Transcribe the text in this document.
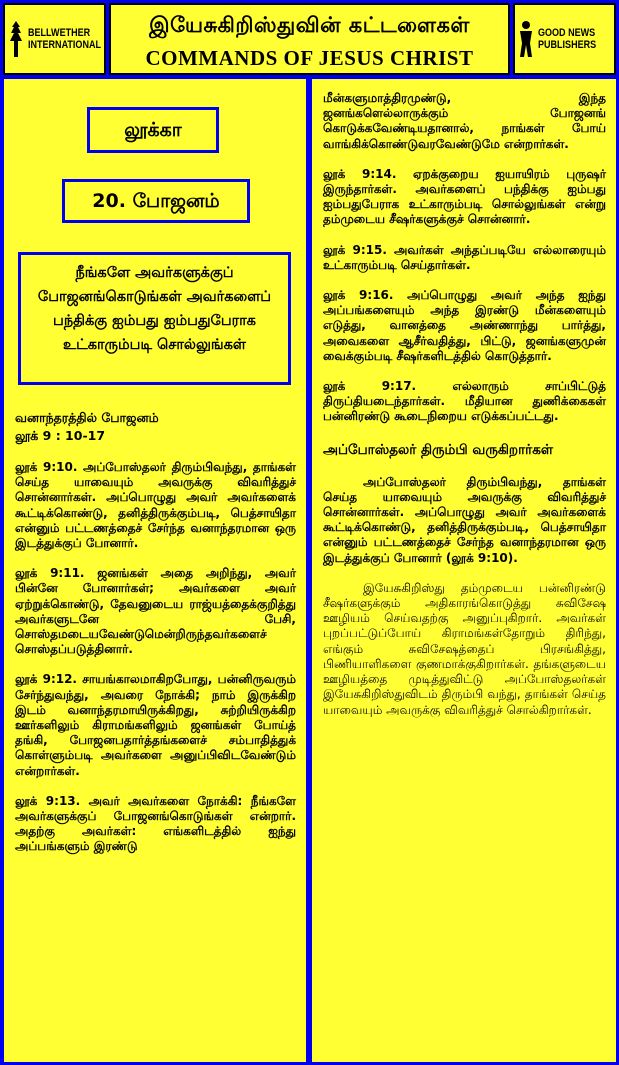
BELLWETHER INTERNATIONAL
இயேசுகிறிஸ்துவின் கட்டளைகள்
COMMANDS OF JESUS CHRIST
GOOD NEWS PUBLISHERS
லூக்கா
20. போஜனம்
நீங்களே அவர்களுக்குப் போஜனங்கொடுங்கள் அவர்களைப் பந்திக்கு ஐம்பது ஐம்பதுபேராக உட்காரும்படி சொல்லுங்கள்
வனாந்தரத்தில் போஜனம்
லூக் 9 : 10-17
லூக் 9:10. அப்போஸ்தலர் திரும்பிவந்து, தாங்கள் செய்த யாவையும் அவருக்கு விவரித்துச் சொன்னார்கள். அப்பொழுது அவர் அவர்களைக் கூட்டிக்கொண்டு, தனித்திருக்கும்படி, பெத்சாயிதா என்னும் பட்டணத்தைச் சேர்ந்த வனாந்தரமான ஒரு இடத்துக்குப் போனார்.
லூக் 9:11. ஜனங்கள் அதை அறிந்து, அவர் பின்னே போனார்கள்; அவர்களை அவர் ஏற்றுக்கொண்டு, தேவனுடைய ராஜ்யத்தைக்குறித்து அவர்களுடனே பேசி, சொஸ்தமடையவேண்டுமென்றிருந்தவர்களைச் சொஸ்தப்படுத்தினார்.
லூக் 9:12. சாயங்காலமாகிறபோது, பன்னிருவரும் சேர்ந்துவந்து, அவரை நோக்கி; நாம் இருக்கிற இடம் வனாந்தரமாயிருக்கிறது, சுற்றியிருக்கிற ஊர்களிலும் கிராமங்களிலும் ஜனங்கள் போய்த் தங்கி, போஜனபதார்த்தங்களைச் சம்பாதித்துக் கொள்ளும்படி அவர்களை அனுப்பிவிடவேண்டும் என்றார்கள்.
லூக் 9:13. அவர் அவர்களை நோக்கி: நீங்களே அவர்களுக்குப் போஜனங்கொடுங்கள் என்றார். அதற்கு அவர்கள்: எங்களிடத்தில் ஐந்து அப்பங்களும் இரண்டு
மீன்களுமாத்திரமுண்டு, இந்த ஜனங்களெல்லாருக்கும் போஜனங் கொடுக்கவேண்டியதானால், நாங்கள் போய் வாங்கிக்கொண்டுவரவேண்டுமே என்றார்கள்.
லூக் 9:14. ஏறக்குறைய ஐயாயிரம் புருஷர் இருந்தார்கள். அவர்களைப் பந்திக்கு ஐம்பது ஐம்பதுபேராக உட்காரும்படி சொல்லுங்கள் என்று தம்முடைய சீஷர்களுக்குச் சொன்னார்.
லூக் 9:15. அவர்கள் அந்தப்படியே எல்லாரையும் உட்காரும்படி செய்தார்கள்.
லூக் 9:16. அப்பொழுது அவர் அந்த ஐந்து அப்பங்களையும் அந்த இரண்டு மீன்களையும் எடுத்து, வானத்தை அண்ணாந்து பார்த்து, அவைகளை ஆசீர்வதித்து, பிட்டு, ஜனங்களுமுன் வைக்கும்படி சீஷர்களிடத்தில் கொடுத்தார்.
லூக் 9:17. எல்லாரும் சாப்பிட்டுத் திருப்தியடைந்தார்கள். மீதியான துணிக்கைகள் பன்னிரண்டு கூடைநிறைய எடுக்கப்பட்டது.
அப்போஸ்தலர் திரும்பி வருகிறார்கள்
அப்போஸ்தலர் திரும்பிவந்து, தாங்கள் செய்த யாவையும் அவருக்கு விவரித்துச் சொன்னார்கள். அப்பொழுது அவர் அவர்களைக் கூட்டிக்கொண்டு, தனித்திருக்கும்படி, பெத்சாயிதா என்னும் பட்டணத்தைச் சேர்ந்த வனாந்தரமான ஒரு இடத்துக்குப் போனார் (லூக் 9:10).
இயேசுகிறிஸ்து தம்முடைய பன்னிரண்டு சீஷர்களுக்கும் அதிகாரங்கொடுத்து சுவிசேஷ ஊழியம் செய்வதற்கு அனுப்புகிறார். அவர்கள் புறப்பட்டுப்போய் கிராமங்கள்தோறும் திரிந்து, எங்கும் சுவிசேஷத்தைப் பிரசங்கித்து, பிணியாளிகளை குணமாக்குகிறார்கள். தங்களுடைய ஊழியத்தை முடித்துவிட்டு அப்போஸ்தலர்கள் இயேசுகிறிஸ்துவிடம் திரும்பி வந்து, தாங்கள் செய்த யாவையும் அவருக்கு விவரித்துச் சொல்கிறார்கள்.
